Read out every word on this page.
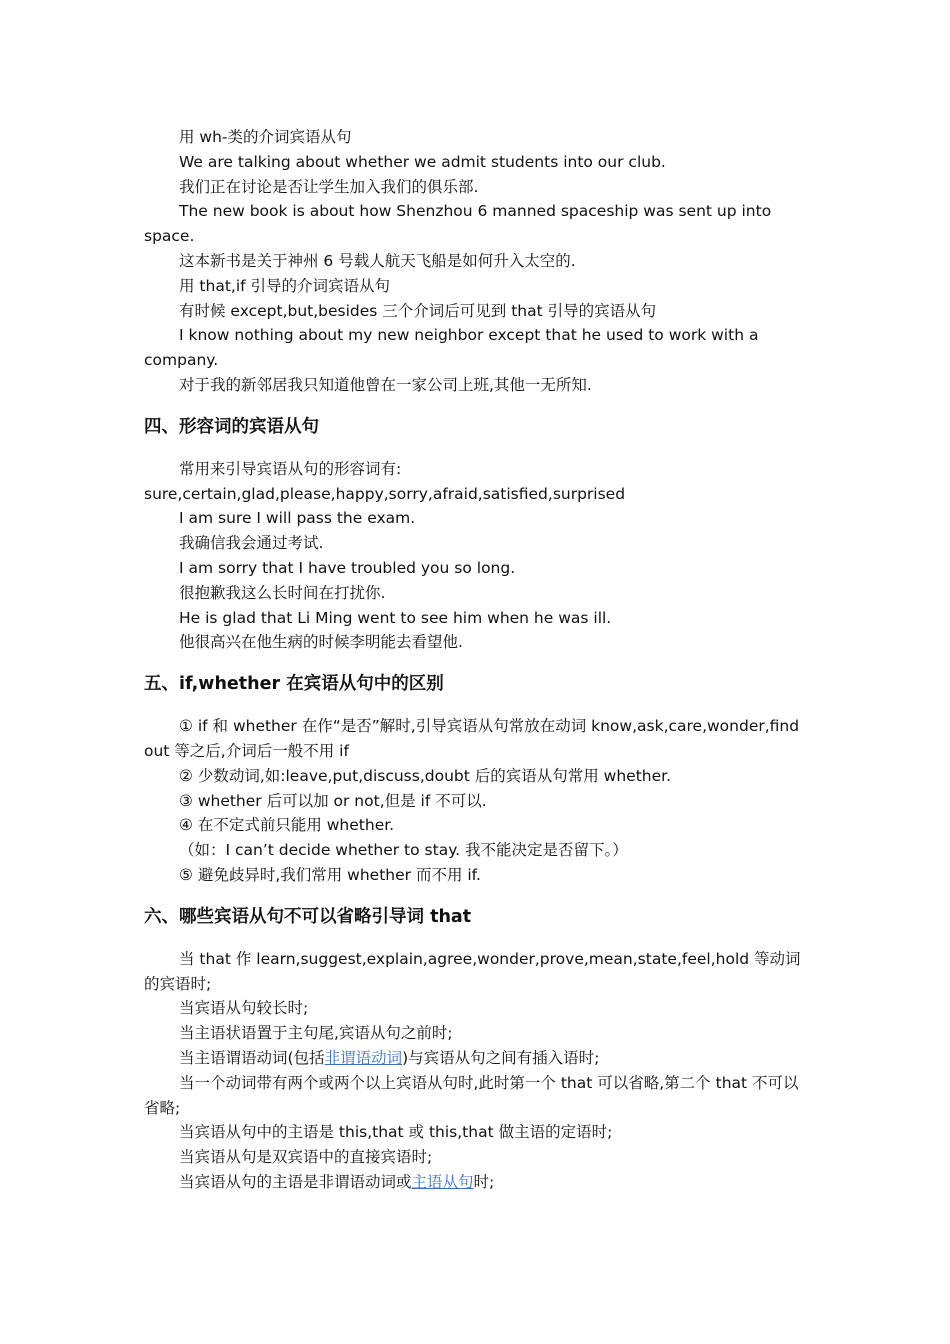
用 wh-类的介词宾语从句

We are talking about whether we admit students into our club.

我们正在讨论是否让学生加入我们的俱乐部.

The new book is about how Shenzhou 6 manned spaceship was sent up into space.

这本新书是关于神州 6 号载人航天飞船是如何升入太空的.

用 that,if 引导的介词宾语从句

有时候 except,but,besides 三个介词后可见到 that 引导的宾语从句

I know nothing about my new neighbor except that he used to work with a company.

对于我的新邻居我只知道他曾在一家公司上班,其他一无所知.

四、形容词的宾语从句

常用来引导宾语从句的形容词有:

sure,certain,glad,please,happy,sorry,afraid,satisfied,surprised

I am sure I will pass the exam.

我确信我会通过考试.

I am sorry that I have troubled you so long.

很抱歉我这么长时间在打扰你.

He is glad that Li Ming went to see him when he was ill.

他很高兴在他生病的时候李明能去看望他.

五、if,whether 在宾语从句中的区别

① if 和 whether 在作“是否”解时,引导宾语从句常放在动词 know,ask,care,wonder,find out 等之后,介词后一般不用 if

② 少数动词,如:leave,put,discuss,doubt 后的宾语从句常用 whether.

③ whether 后可以加 or not,但是 if 不可以.

④ 在不定式前只能用 whether.

（如：I can’t decide whether to stay. 我不能决定是否留下。）

⑤ 避免歧异时,我们常用 whether 而不用 if.

六、哪些宾语从句不可以省略引导词 that

当 that 作 learn,suggest,explain,agree,wonder,prove,mean,state,feel,hold 等动词的宾语时;

当宾语从句较长时;

当主语状语置于主句尾,宾语从句之前时;

当主语谓语动词(包括非谓语动词)与宾语从句之间有插入语时;

当一个动词带有两个或两个以上宾语从句时,此时第一个 that 可以省略,第二个 that 不可以省略;

当宾语从句中的主语是 this,that 或 this,that 做主语的定语时;

当宾语从句是双宾语中的直接宾语时;

当宾语从句的主语是非谓语动词或主语从句时;
